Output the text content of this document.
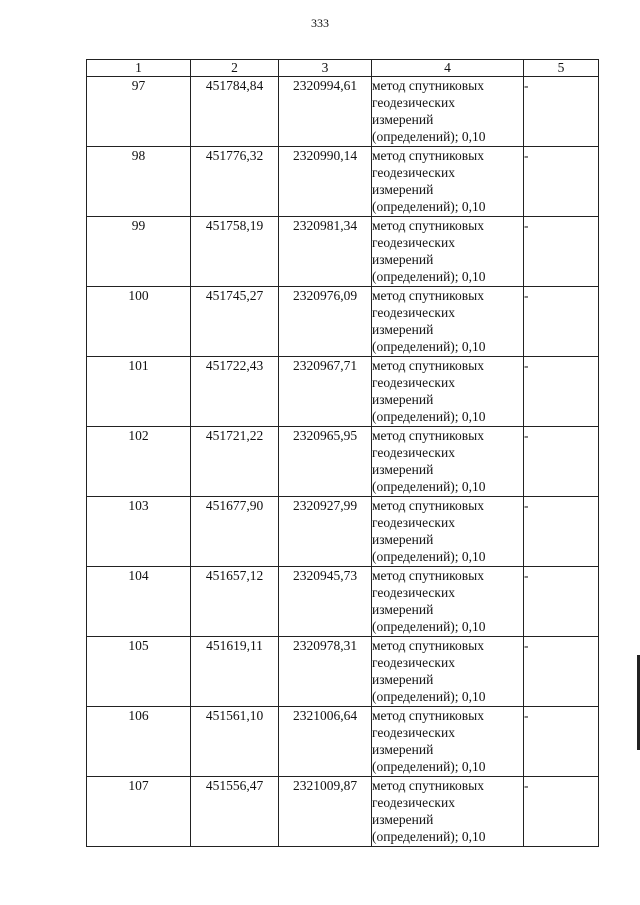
333
1	2	3	4	5
97	451784,84	2320994,61	метод спутниковых
геодезических
измерений
(определений); 0,10	-
98	451776,32	2320990,14	метод спутниковых
геодезических
измерений
(определений); 0,10	-
99	451758,19	2320981,34	метод спутниковых
геодезических
измерений
(определений); 0,10	-
100	451745,27	2320976,09	метод спутниковых
геодезических
измерений
(определений); 0,10	-
101	451722,43	2320967,71	метод спутниковых
геодезических
измерений
(определений); 0,10	-
102	451721,22	2320965,95	метод спутниковых
геодезических
измерений
(определений); 0,10	-
103	451677,90	2320927,99	метод спутниковых
геодезических
измерений
(определений); 0,10	-
104	451657,12	2320945,73	метод спутниковых
геодезических
измерений
(определений); 0,10	-
105	451619,11	2320978,31	метод спутниковых
геодезических
измерений
(определений); 0,10	-
106	451561,10	2321006,64	метод спутниковых
геодезических
измерений
(определений); 0,10	-
107	451556,47	2321009,87	метод спутниковых
геодезических
измерений
(определений); 0,10	-
